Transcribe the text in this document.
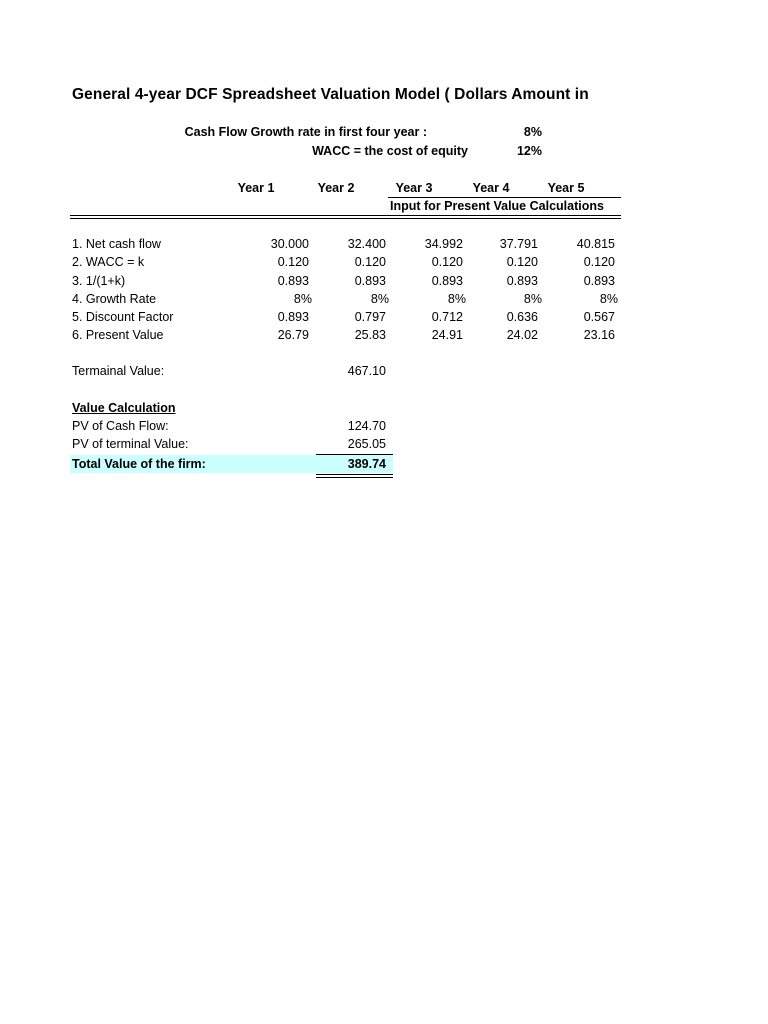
General 4-year DCF Spreadsheet Valuation Model ( Dollars Amount in
Cash Flow Growth rate in first four year :	8%
WACC = the cost of equity	12%
Year 1	Year 2	Year 3	Year 4	Year 5
Input for Present Value Calculations
1. Net cash flow	30.000	32.400	34.992	37.791	40.815
2. WACC = k	0.120	0.120	0.120	0.120	0.120
3. 1/(1+k)	0.893	0.893	0.893	0.893	0.893
4. Growth Rate	8%	8%	8%	8%	8%
5. Discount Factor	0.893	0.797	0.712	0.636	0.567
6. Present Value	26.79	25.83	24.91	24.02	23.16
Termainal Value:	467.10
Value Calculation
PV of Cash Flow:	124.70
PV of terminal Value:	265.05
Total Value of the firm:	389.74
